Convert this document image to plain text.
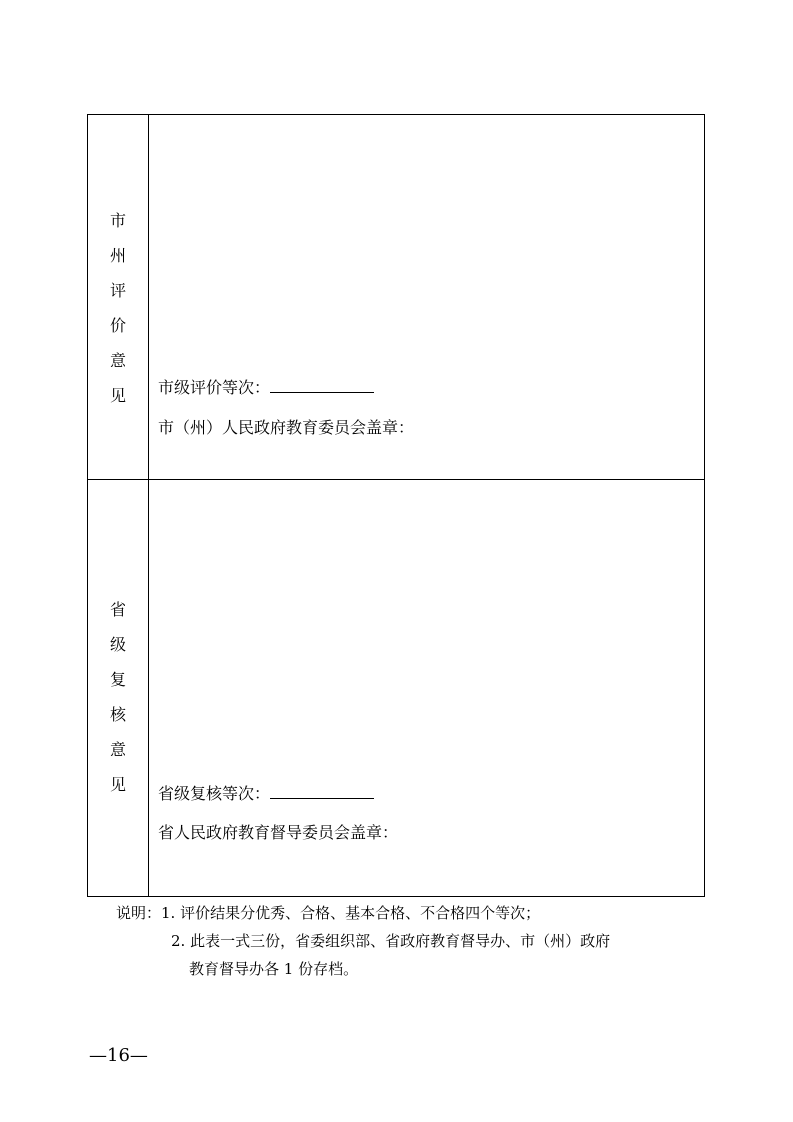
市
州
评
价
意
见 市级评价等次：
市（州）人民政府教育委员会盖章：
省
级
复
核
意
见 省级复核等次：
省人民政府教育督导委员会盖章：
说明：1. 评价结果分优秀、合格、基本合格、不合格四个等次；
2. 此表一式三份，省委组织部、省政府教育督导办、市（州）政府
教育督导办各 1 份存档。
—16—
